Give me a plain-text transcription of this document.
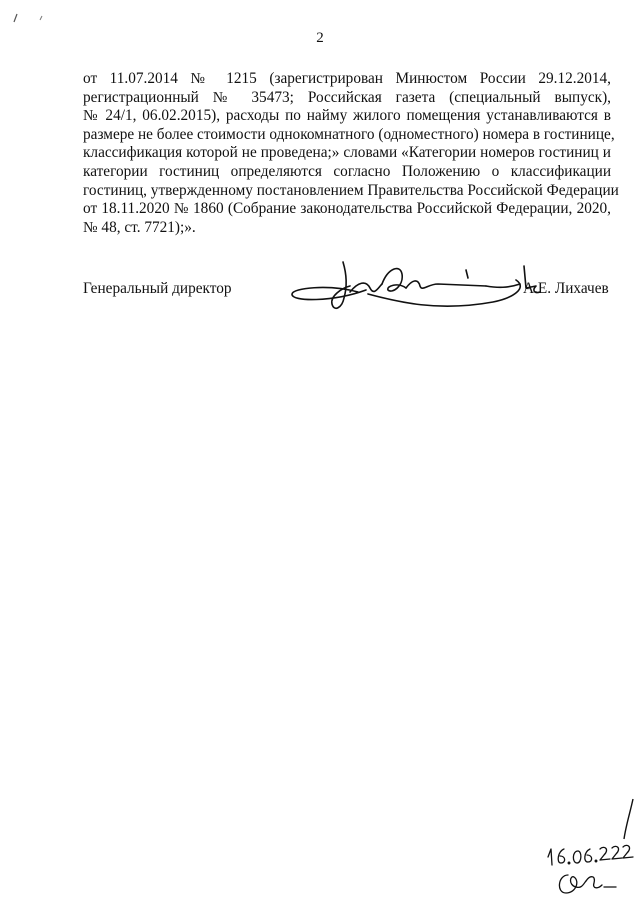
2
от 11.07.2014 № 1215 (зарегистрирован Минюстом России 29.12.2014,
регистрационный № 35473; Российская газета (специальный выпуск),
№ 24/1, 06.02.2015), расходы по найму жилого помещения устанавливаются в
размере не более стоимости однокомнатного (одноместного) номера в гостинице,
классификация которой не проведена;» словами «Категории номеров гостиниц и
категории гостиниц определяются согласно Положению о классификации
гостиниц, утвержденному постановлением Правительства Российской Федерации
от 18.11.2020 № 1860 (Собрание законодательства Российской Федерации, 2020,
№ 48, ст. 7721);».
Генеральный директор	А.Е. Лихачев
